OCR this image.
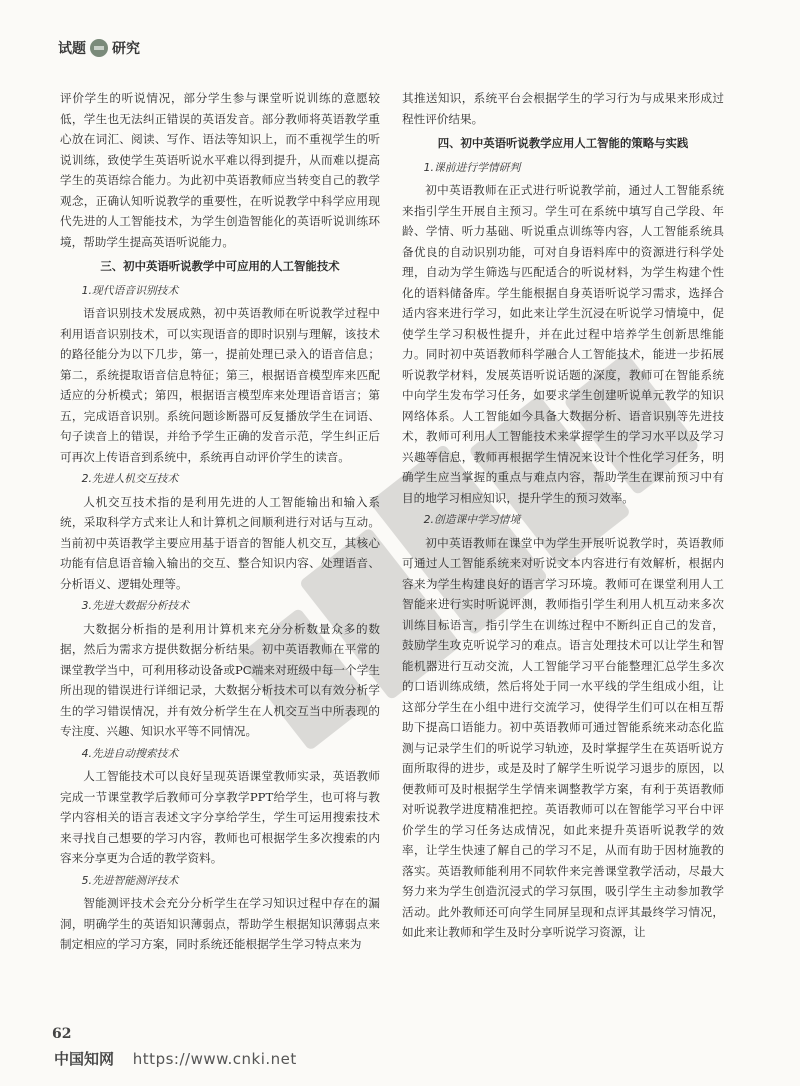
试题 研究

评价学生的听说情况，部分学生参与课堂听说训练的意愿较低，学生也无法纠正错误的英语发音。部分教师将英语教学重心放在词汇、阅读、写作、语法等知识上，而不重视学生的听说训练，致使学生英语听说水平难以得到提升，从而难以提高学生的英语综合能力。为此初中英语教师应当转变自己的教学观念，正确认知听说教学的重要性，在听说教学中科学应用现代先进的人工智能技术，为学生创造智能化的英语听说训练环境，帮助学生提高英语听说能力。

三、初中英语听说教学中可应用的人工智能技术
1.现代语音识别技术

语音识别技术发展成熟，初中英语教师在听说教学过程中利用语音识别技术，可以实现语音的即时识别与理解，该技术的路径能分为以下几步，第一，提前处理已录入的语音信息；第二，系统提取语音信息特征；第三，根据语音模型库来匹配适应的分析模式；第四，根据语言模型库来处理语音语言；第五，完成语音识别。系统问题诊断器可反复播放学生在词语、句子读音上的错误，并给予学生正确的发音示范，学生纠正后可再次上传语音到系统中，系统再自动评价学生的读音。

2.先进人机交互技术

人机交互技术指的是利用先进的人工智能输出和输入系统，采取科学方式来让人和计算机之间顺利进行对话与互动。当前初中英语教学主要应用基于语音的智能人机交互，其核心功能有信息语音输入输出的交互、整合知识内容、处理语音、分析语义、逻辑处理等。

3.先进大数据分析技术

大数据分析指的是利用计算机来充分分析数量众多的数据，然后为需求方提供数据分析结果。初中英语教师在平常的课堂教学当中，可利用移动设备或PC端来对班级中每一个学生所出现的错误进行详细记录，大数据分析技术可以有效分析学生的学习错误情况，并有效分析学生在人机交互当中所表现的专注度、兴趣、知识水平等不同情况。

4.先进自动搜索技术

人工智能技术可以良好呈现英语课堂教师实录，英语教师完成一节课堂教学后教师可分享教学PPT给学生，也可将与教学内容相关的语言表述文字分享给学生，学生可运用搜索技术来寻找自己想要的学习内容，教师也可根据学生多次搜索的内容来分享更为合适的教学资料。

5.先进智能测评技术

智能测评技术会充分分析学生在学习知识过程中存在的漏洞，明确学生的英语知识薄弱点，帮助学生根据知识薄弱点来制定相应的学习方案，同时系统还能根据学生学习特点来为

其推送知识，系统平台会根据学生的学习行为与成果来形成过程性评价结果。

四、初中英语听说教学应用人工智能的策略与实践
1.课前进行学情研判

初中英语教师在正式进行听说教学前，通过人工智能系统来指引学生开展自主预习。学生可在系统中填写自己学段、年龄、学情、听力基础、听说重点训练等内容，人工智能系统具备优良的自动识别功能，可对自身语料库中的资源进行科学处理，自动为学生筛选与匹配适合的听说材料，为学生构建个性化的语料储备库。学生能根据自身英语听说学习需求，选择合适内容来进行学习，如此来让学生沉浸在听说学习情境中，促使学生学习积极性提升，并在此过程中培养学生创新思维能力。同时初中英语教师科学融合人工智能技术，能进一步拓展听说教学材料，发展英语听说话题的深度，教师可在智能系统中向学生发布学习任务，如要求学生创建听说单元教学的知识网络体系。人工智能如今具备大数据分析、语音识别等先进技术，教师可利用人工智能技术来掌握学生的学习水平以及学习兴趣等信息，教师再根据学生情况来设计个性化学习任务，明确学生应当掌握的重点与难点内容，帮助学生在课前预习中有目的地学习相应知识，提升学生的预习效率。

2.创造课中学习情境

初中英语教师在课堂中为学生开展听说教学时，英语教师可通过人工智能系统来对听说文本内容进行有效解析，根据内容来为学生构建良好的语言学习环境。教师可在课堂利用人工智能来进行实时听说评测，教师指引学生利用人机互动来多次训练目标语言，指引学生在训练过程中不断纠正自己的发音，鼓励学生攻克听说学习的难点。语言处理技术可以让学生和智能机器进行互动交流，人工智能学习平台能整理汇总学生多次的口语训练成绩，然后将处于同一水平线的学生组成小组，让这部分学生在小组中进行交流学习，使得学生们可以在相互帮助下提高口语能力。初中英语教师可通过智能系统来动态化监测与记录学生们的听说学习轨迹，及时掌握学生在英语听说方面所取得的进步，或是及时了解学生听说学习退步的原因，以便教师可及时根据学生学情来调整教学方案，有利于英语教师对听说教学进度精准把控。英语教师可以在智能学习平台中评价学生的学习任务达成情况，如此来提升英语听说教学的效率，让学生快速了解自己的学习不足，从而有助于因材施教的落实。英语教师能利用不同软件来完善课堂教学活动，尽最大努力来为学生创造沉浸式的学习氛围，吸引学生主动参加教学活动。此外教师还可向学生同屏呈现和点评其最终学习情况，如此来让教师和学生及时分享听说学习资源，让

62
中国知网 https://www.cnki.net
